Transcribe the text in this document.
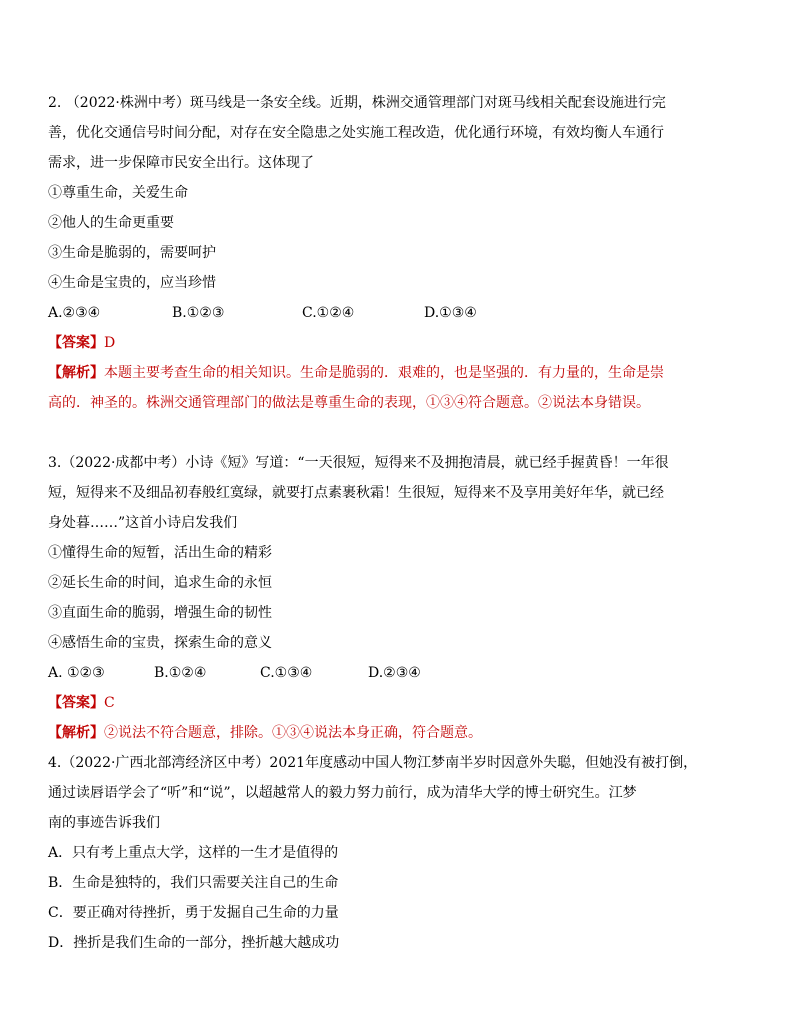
2. （2022·株洲中考）斑马线是一条安全线。近期，株洲交通管理部门对斑马线相关配套设施进行完
善，优化交通信号时间分配，对存在安全隐患之处实施工程改造，优化通行环境，有效均衡人车通行
需求，进一步保障市民安全出行。这体现了
①尊重生命，关爱生命
②他人的生命更重要
③生命是脆弱的，需要呵护
④生命是宝贵的，应当珍惜
A.②③④	B.①②③	C.①②④	D.①③④
【答案】D
【解析】本题主要考查生命的相关知识。生命是脆弱的．艰难的，也是坚强的．有力量的，生命是崇
高的．神圣的。株洲交通管理部门的做法是尊重生命的表现，①③④符合题意。②说法本身错误。
3.（2022·成都中考）小诗《短》写道：“一天很短，短得来不及拥抱清晨，就已经手握黄昏！一年很
短，短得来不及细品初春般红寞绿，就要打点素裹秋霜！生很短，短得来不及享用美好年华，就已经
身处暮……”这首小诗启发我们
①懂得生命的短暂，活出生命的精彩
②延长生命的时间，追求生命的永恒
③直面生命的脆弱，增强生命的韧性
④感悟生命的宝贵，探索生命的意义
A. ①②③	B.①②④	C.①③④	D.②③④
【答案】C
【解析】②说法不符合题意，排除。①③④说法本身正确，符合题意。
4.（2022·广西北部湾经济区中考）2021年度感动中国人物江梦南半岁时因意外失聪，但她没有被打倒，
通过读唇语学会了“听”和“说”，以超越常人的毅力努力前行，成为清华大学的博士研究生。江梦
南的事迹告诉我们
A．只有考上重点大学，这样的一生才是值得的
B．生命是独特的，我们只需要关注自己的生命
C．要正确对待挫折，勇于发掘自己生命的力量
D．挫折是我们生命的一部分，挫折越大越成功
